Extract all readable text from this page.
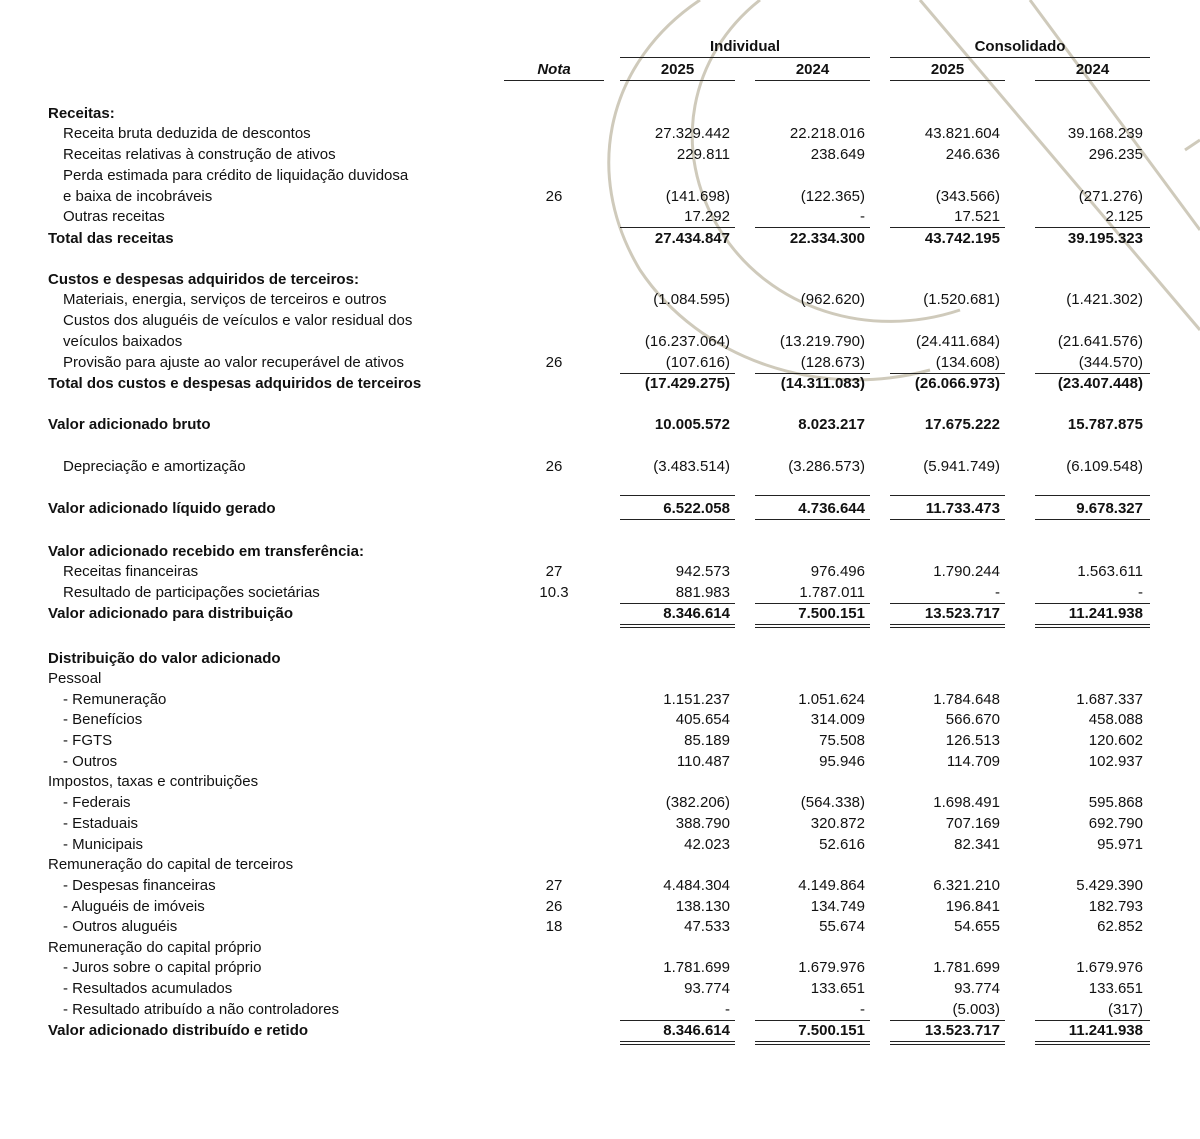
Individual	Consolidado
Nota	2025	2024	2025	2024
Receitas:
Receita bruta deduzida de descontos	27.329.442	22.218.016	43.821.604	39.168.239
Receitas relativas à construção de ativos	229.811	238.649	246.636	296.235
Perda estimada para crédito de liquidação duvidosa
e baixa de incobráveis	26	(141.698)	(122.365)	(343.566)	(271.276)
Outras receitas	17.292	-	17.521	2.125
Total das receitas	27.434.847	22.334.300	43.742.195	39.195.323
Custos e despesas adquiridos de terceiros:
Materiais, energia, serviços de terceiros e outros	(1.084.595)	(962.620)	(1.520.681)	(1.421.302)
Custos dos aluguéis de veículos e valor residual dos
veículos baixados	(16.237.064)	(13.219.790)	(24.411.684)	(21.641.576)
Provisão para ajuste ao valor recuperável de ativos	26	(107.616)	(128.673)	(134.608)	(344.570)
Total dos custos e despesas adquiridos de terceiros	(17.429.275)	(14.311.083)	(26.066.973)	(23.407.448)
Valor adicionado bruto	10.005.572	8.023.217	17.675.222	15.787.875
Depreciação e amortização	26	(3.483.514)	(3.286.573)	(5.941.749)	(6.109.548)
Valor adicionado líquido gerado	6.522.058	4.736.644	11.733.473	9.678.327
Valor adicionado recebido em transferência:
Receitas financeiras	27	942.573	976.496	1.790.244	1.563.611
Resultado de participações societárias	10.3	881.983	1.787.011	-	-
Valor adicionado para distribuição	8.346.614	7.500.151	13.523.717	11.241.938
Distribuição do valor adicionado
Pessoal
- Remuneração	1.151.237	1.051.624	1.784.648	1.687.337
- Benefícios	405.654	314.009	566.670	458.088
- FGTS	85.189	75.508	126.513	120.602
- Outros	110.487	95.946	114.709	102.937
Impostos, taxas e contribuições
- Federais	(382.206)	(564.338)	1.698.491	595.868
- Estaduais	388.790	320.872	707.169	692.790
- Municipais	42.023	52.616	82.341	95.971
Remuneração do capital de terceiros
- Despesas financeiras	27	4.484.304	4.149.864	6.321.210	5.429.390
- Aluguéis de imóveis	26	138.130	134.749	196.841	182.793
- Outros aluguéis	18	47.533	55.674	54.655	62.852
Remuneração do capital próprio
- Juros sobre o capital próprio	1.781.699	1.679.976	1.781.699	1.679.976
- Resultados acumulados	93.774	133.651	93.774	133.651
- Resultado atribuído a não controladores	-	-	(5.003)	(317)
Valor adicionado distribuído e retido	8.346.614	7.500.151	13.523.717	11.241.938
